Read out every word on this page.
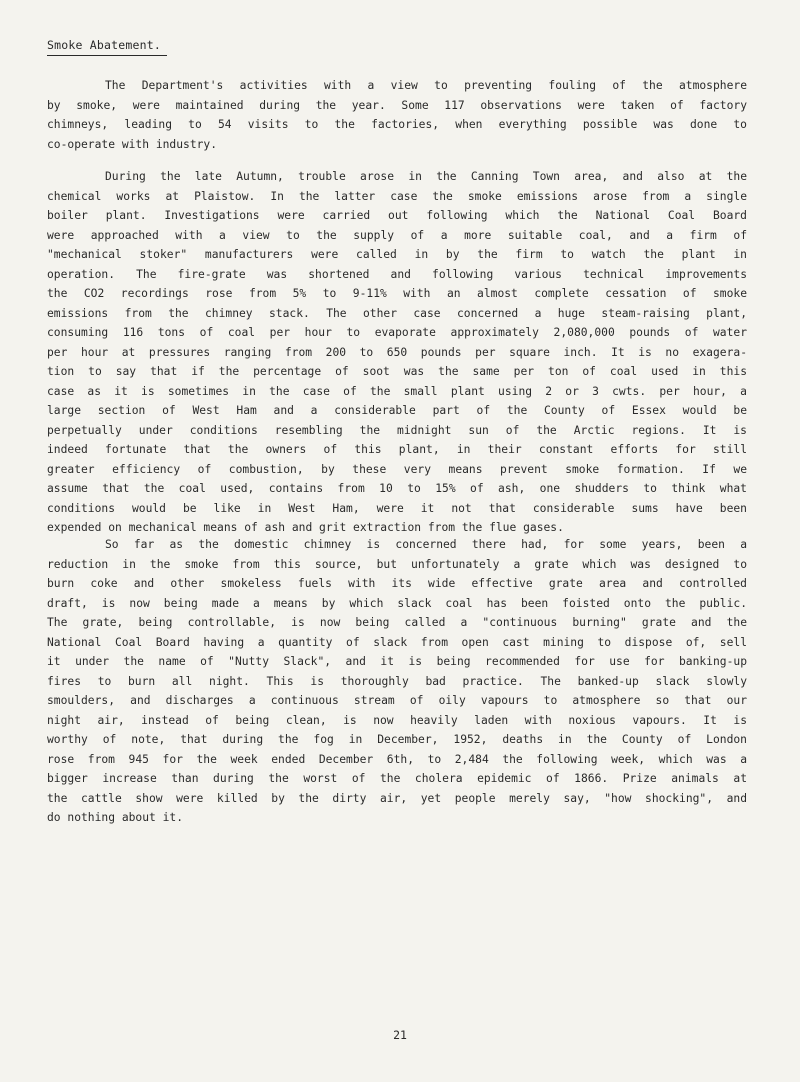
Smoke Abatement.
The Department's activities with a view to preventing fouling of the atmosphere
by smoke, were maintained during the year. Some 117 observations were taken of factory
chimneys, leading to 54 visits to the factories, when everything possible was done to
co-operate with industry.
During the late Autumn, trouble arose in the Canning Town area, and also at the
chemical works at Plaistow. In the latter case the smoke emissions arose from a single
boiler plant. Investigations were carried out following which the National Coal Board
were approached with a view to the supply of a more suitable coal, and a firm of
"mechanical stoker" manufacturers were called in by the firm to watch the plant in
operation. The fire-grate was shortened and following various technical improvements
the CO2 recordings rose from 5% to 9-11% with an almost complete cessation of smoke
emissions from the chimney stack. The other case concerned a huge steam-raising plant,
consuming 116 tons of coal per hour to evaporate approximately 2,080,000 pounds of water
per hour at pressures ranging from 200 to 650 pounds per square inch. It is no exagera-
tion to say that if the percentage of soot was the same per ton of coal used in this
case as it is sometimes in the case of the small plant using 2 or 3 cwts. per hour, a
large section of West Ham and a considerable part of the County of Essex would be
perpetually under conditions resembling the midnight sun of the Arctic regions. It is
indeed fortunate that the owners of this plant, in their constant efforts for still
greater efficiency of combustion, by these very means prevent smoke formation. If we
assume that the coal used, contains from 10 to 15% of ash, one shudders to think what
conditions would be like in West Ham, were it not that considerable sums have been
expended on mechanical means of ash and grit extraction from the flue gases.
So far as the domestic chimney is concerned there had, for some years, been a
reduction in the smoke from this source, but unfortunately a grate which was designed to
burn coke and other smokeless fuels with its wide effective grate area and controlled
draft, is now being made a means by which slack coal has been foisted onto the public.
The grate, being controllable, is now being called a "continuous burning" grate and the
National Coal Board having a quantity of slack from open cast mining to dispose of, sell
it under the name of "Nutty Slack", and it is being recommended for use for banking-up
fires to burn all night. This is thoroughly bad practice. The banked-up slack slowly
smoulders, and discharges a continuous stream of oily vapours to atmosphere so that our
night air, instead of being clean, is now heavily laden with noxious vapours. It is
worthy of note, that during the fog in December, 1952, deaths in the County of London
rose from 945 for the week ended December 6th, to 2,484 the following week, which was a
bigger increase than during the worst of the cholera epidemic of 1866. Prize animals at
the cattle show were killed by the dirty air, yet people merely say, "how shocking", and
do nothing about it.
21
